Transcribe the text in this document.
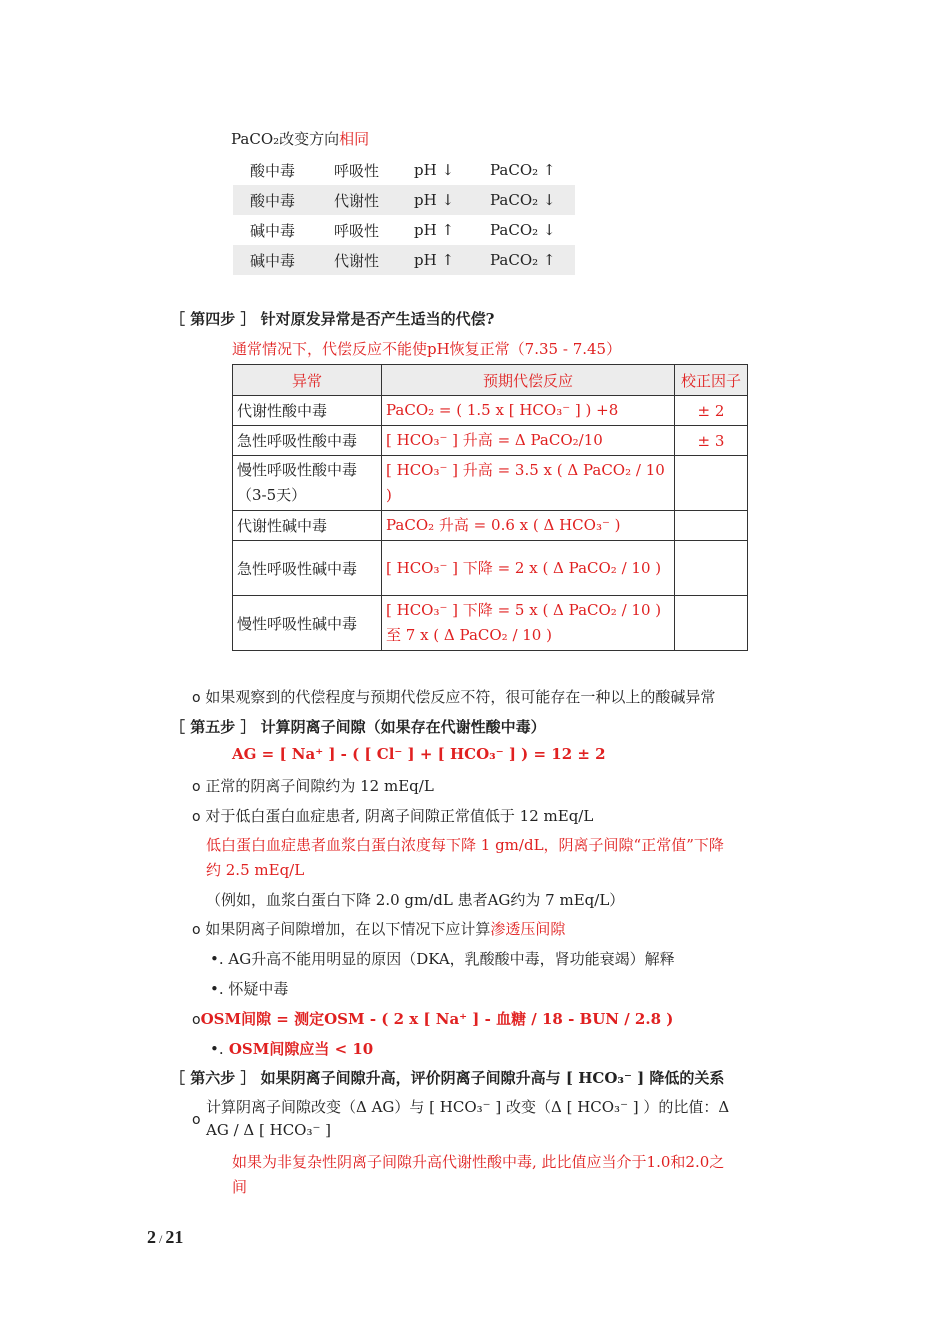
PaCO₂改变方向相同
酸中毒	呼吸性	pH ↓	PaCO₂ ↑
酸中毒	代谢性	pH ↓	PaCO₂ ↓
碱中毒	呼吸性	pH ↑	PaCO₂ ↓
碱中毒	代谢性	pH ↑	PaCO₂ ↑
［ 第四步 ］ 针对原发异常是否产生适当的代偿?
通常情况下，代偿反应不能使pH恢复正常（7.35 - 7.45）
异常	预期代偿反应	校正因子
代谢性酸中毒	PaCO₂ = ( 1.5 x [ HCO₃⁻ ] ) +8	± 2
急性呼吸性酸中毒	[ HCO₃⁻ ] 升高 = Δ PaCO₂/10	± 3
慢性呼吸性酸中毒（3-5天）	[ HCO₃⁻ ] 升高 = 3.5 x ( Δ PaCO₂ / 10 )	
代谢性碱中毒	PaCO₂ 升高 = 0.6 x ( Δ HCO₃⁻ )	
急性呼吸性碱中毒	[ HCO₃⁻ ] 下降 = 2 x ( Δ PaCO₂ / 10 )	
慢性呼吸性碱中毒	[ HCO₃⁻ ] 下降 = 5 x ( Δ PaCO₂ / 10 ) 至 7 x ( Δ PaCO₂ / 10 )	
o 如果观察到的代偿程度与预期代偿反应不符，很可能存在一种以上的酸碱异常
［ 第五步 ］ 计算阴离子间隙（如果存在代谢性酸中毒）
AG = [ Na⁺ ] - ( [ Cl⁻ ] + [ HCO₃⁻ ] ) = 12 ± 2
o 正常的阴离子间隙约为 12 mEq/L
o 对于低白蛋白血症患者, 阴离子间隙正常值低于 12 mEq/L
低白蛋白血症患者血浆白蛋白浓度每下降 1 gm/dL，阴离子间隙“正常值”下降
约 2.5 mEq/L
（例如，血浆白蛋白下降 2.0 gm/dL 患者AG约为 7 mEq/L）
o 如果阴离子间隙增加，在以下情况下应计算渗透压间隙
•. AG升高不能用明显的原因（DKA，乳酸酸中毒，肾功能衰竭）解释
•. 怀疑中毒
oOSM间隙 = 测定OSM - ( 2 x [ Na⁺ ] - 血糖 / 18 - BUN / 2.8 )
•. OSM间隙应当 < 10
［ 第六步 ］ 如果阴离子间隙升高，评价阴离子间隙升高与 [ HCO₃⁻ ] 降低的关系
o
计算阴离子间隙改变（Δ AG）与 [ HCO₃⁻ ] 改变（Δ [ HCO₃⁻ ] ）的比值：Δ
AG / Δ [ HCO₃⁻ ]
如果为非复杂性阴离子间隙升高代谢性酸中毒, 此比值应当介于1.0和2.0之
间
2 / 21
